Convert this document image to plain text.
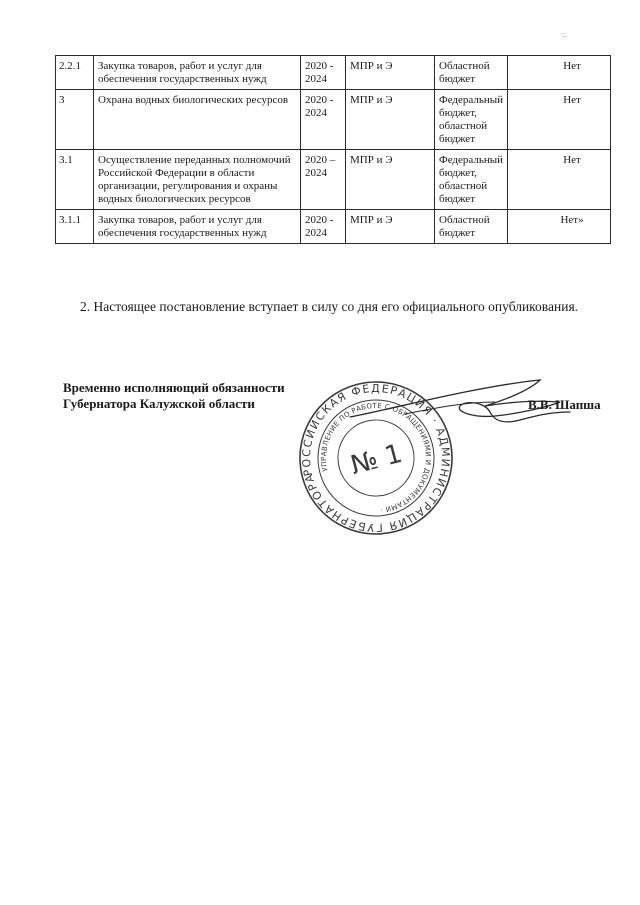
·:.
2.2.1	Закупка товаров, работ и услуг для обеспечения государственных нужд	2020 - 2024	МПР и Э	Областной бюджет	Нет
3	Охрана водных биологических ресурсов	2020 - 2024	МПР и Э	Федеральный бюджет, областной бюджет	Нет
3.1	Осуществление переданных полномочий Российской Федерации в области организации, регулирования и охраны водных биологических ресурсов	2020 – 2024	МПР и Э	Федеральный бюджет, областной бюджет	Нет
3.1.1	Закупка товаров, работ и услуг для обеспечения государственных нужд	2020 - 2024	МПР и Э	Областной бюджет	Нет»
2. Настоящее постановление вступает в силу со дня его официального опубликования.
Временно исполняющий обязанности
Губернатора Калужской области
РОССИЙСКАЯ ФЕДЕРАЦИЯ · АДМИНИСТРАЦИЯ ГУБЕРНАТОРА
УПРАВЛЕНИЕ ПО РАБОТЕ С ОБРАЩЕНИЯМИ И ДОКУМЕНТАМИ ·
№ 1
В.В. Шапша
